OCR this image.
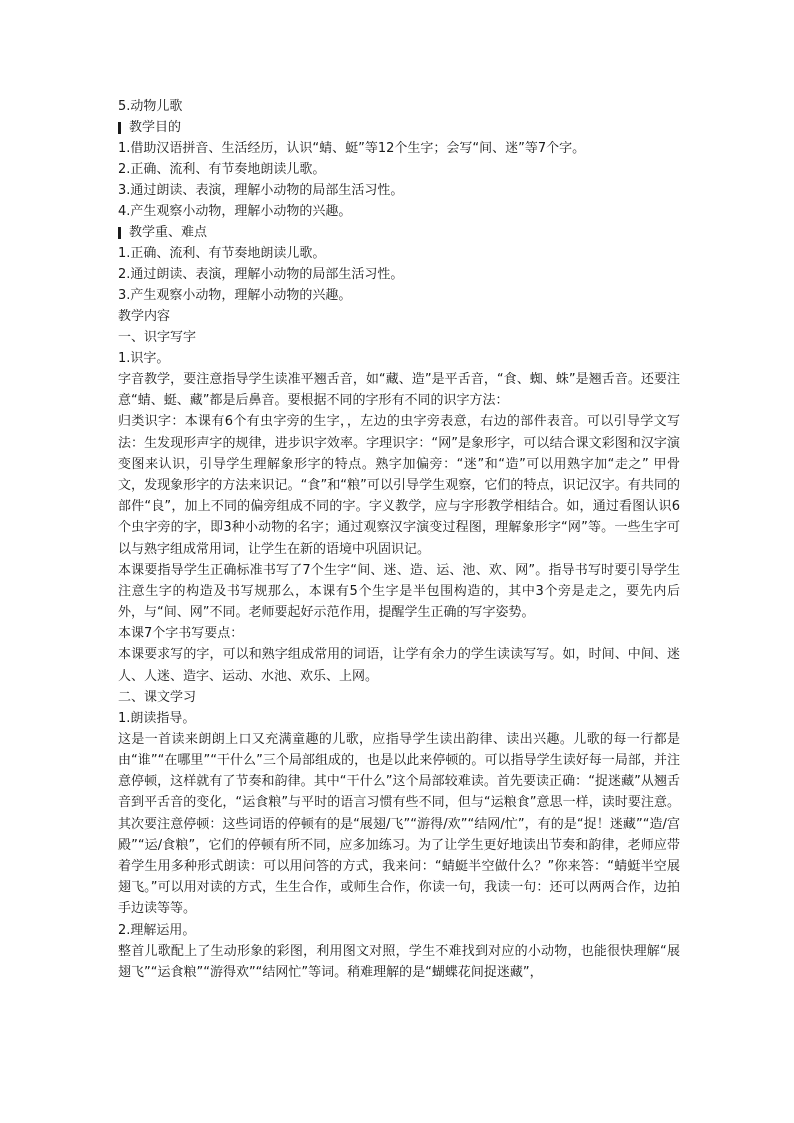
5.动物儿歌

教学目的

1.借助汉语拼音、生活经历，认识“蜻、蜓”等12个生字；会写“间、迷”等7个字。

2.正确、流利、有节奏地朗读儿歌。

3.通过朗读、表演，理解小动物的局部生活习性。

4.产生观察小动物，理解小动物的兴趣。

教学重、难点

1.正确、流利、有节奏地朗读儿歌。

2.通过朗读、表演，理解小动物的局部生活习性。

3.产生观察小动物，理解小动物的兴趣。

教学内容

一、识字写字

1.识字。

字音教学，要注意指导学生读准平翘舌音，如“藏、造”是平舌音，“食、蜘、蛛”是翘舌音。还要注意“蜻、蜓、藏”都是后鼻音。要根据不同的字形有不同的识字方法：

归类识字：本课有6个有虫字旁的生字，，左边的虫字旁表意，右边的部件表音。可以引导学文写法：生发现形声字的规律，进步识字效率。字理识字：“网”是象形字，可以结合课文彩图和汉字演变图来认识，引导学生理解象形字的特点。熟字加偏旁：“迷”和“造”可以用熟字加“走之” 甲骨文，发现象形字的方法来识记。“食”和“粮”可以引导学生观察，它们的特点，识记汉字。有共同的部件“良”，加上不同的偏旁组成不同的字。字义教学，应与字形教学相结合。如，通过看图认识6个虫字旁的字，即3种小动物的名字；通过观察汉字演变过程图，理解象形字“网”等。一些生字可以与熟字组成常用词，让学生在新的语境中巩固识记。

本课要指导学生正确标准书写了7个生字“间、迷、造、运、池、欢、网”。指导书写时要引导学生注意生字的构造及书写规那么，本课有5个生字是半包围构造的，其中3个旁是走之，要先内后外，与“间、网”不同。老师要起好示范作用，提醒学生正确的写字姿势。

本课7个字书写要点：

本课要求写的字，可以和熟字组成常用的词语，让学有余力的学生读读写写。如，时间、中间、迷人、人迷、造字、运动、水池、欢乐、上网。

二、课文学习

1.朗读指导。

这是一首读来朗朗上口又充满童趣的儿歌，应指导学生读出韵律、读出兴趣。儿歌的每一行都是由“谁”“在哪里”“干什么”三个局部组成的，也是以此来停顿的。可以指导学生读好每一局部，并注意停顿，这样就有了节奏和韵律。其中“干什么”这个局部较难读。首先要读正确：“捉迷藏”从翘舌音到平舌音的变化，“运食粮”与平时的语言习惯有些不同，但与“运粮食”意思一样，读时要注意。其次要注意停顿：这些词语的停顿有的是“展翅/飞”“游得/欢”“结网/忙”，有的是“捉！迷藏”“造/宫殿”“运/食粮”，它们的停顿有所不同，应多加练习。为了让学生更好地读出节奏和韵律，老师应带着学生用多种形式朗读：可以用问答的方式，我来问：“蜻蜓半空做什么？”你来答：“蜻蜓半空展翅飞。”可以用对读的方式，生生合作，或师生合作，你读一句，我读一句：还可以两两合作，边拍手边读等等。

2.理解运用。

整首儿歌配上了生动形象的彩图，利用图文对照，学生不难找到对应的小动物，也能很快理解“展翅飞”“运食粮”“游得欢”“结网忙”等词。稍难理解的是“蝴蝶花间捉迷藏”，
